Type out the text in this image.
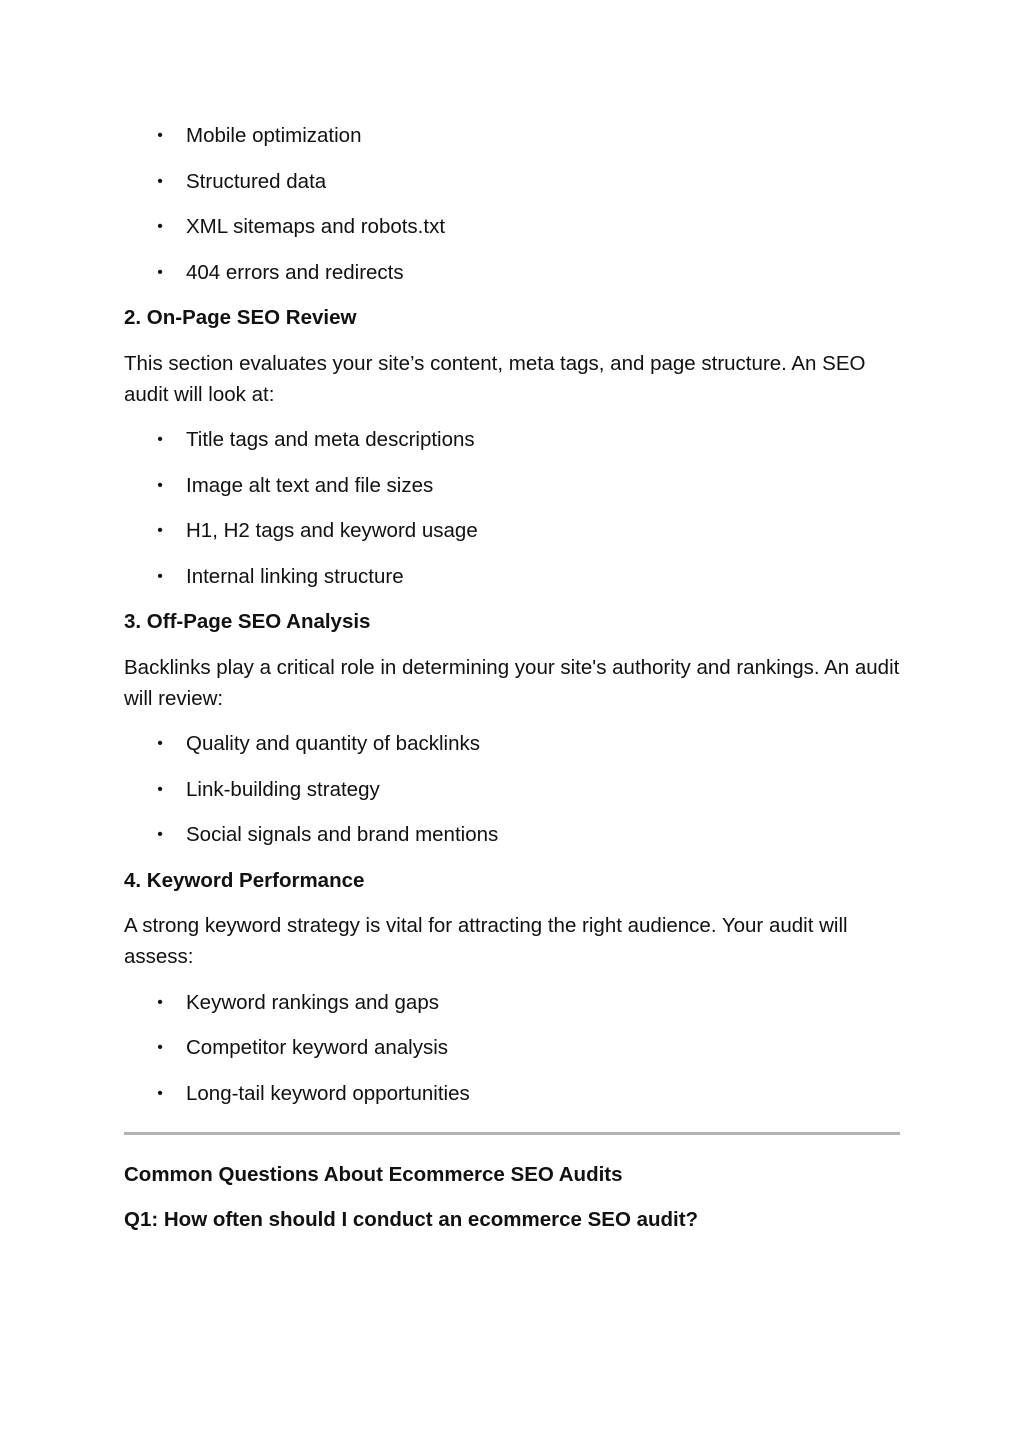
• Mobile optimization
• Structured data
• XML sitemaps and robots.txt
• 404 errors and redirects
2. On-Page SEO Review

This section evaluates your site’s content, meta tags, and page structure. An SEO audit will look at:

• Title tags and meta descriptions
• Image alt text and file sizes
• H1, H2 tags and keyword usage
• Internal linking structure
3. Off-Page SEO Analysis

Backlinks play a critical role in determining your site's authority and rankings. An audit will review:

• Quality and quantity of backlinks
• Link-building strategy
• Social signals and brand mentions
4. Keyword Performance

A strong keyword strategy is vital for attracting the right audience. Your audit will assess:

• Keyword rankings and gaps
• Competitor keyword analysis
• Long-tail keyword opportunities
Common Questions About Ecommerce SEO Audits
Q1: How often should I conduct an ecommerce SEO audit?
